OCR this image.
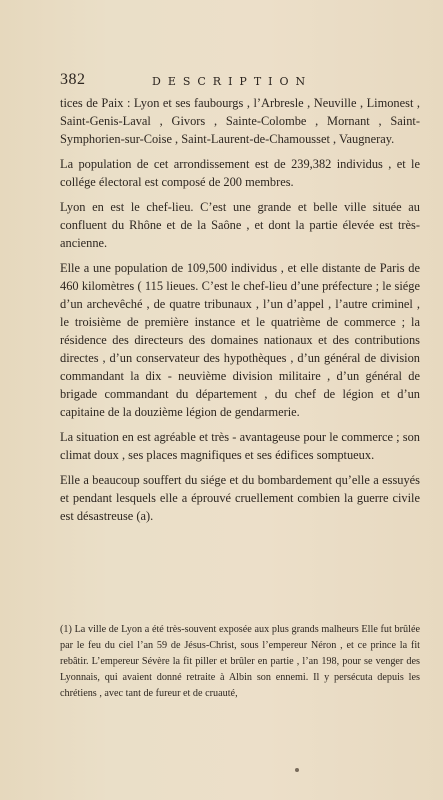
382	DESCRIPTION

tices de Paix : Lyon et ses faubourgs , l’Arbresle , Neuville , Limonest , Saint-Genis-Laval , Givors , Sainte-Colombe , Mornant , Saint-Symphorien-sur-Coise , Saint-Laurent-de-Chamousset , Vaugneray.

La population de cet arrondissement est de 239,382 individus , et le collége électoral est composé de 200 membres.

Lyon en est le chef-lieu. C’est une grande et belle ville située au confluent du Rhône et de la Saône , et dont la partie élevée est très-ancienne.

Elle a une population de 109,500 individus , et elle distante de Paris de 460 kilomètres ( 115 lieues. C’est le chef-lieu d’une préfecture ; le siége d’un archevêché , de quatre tribunaux , l’un d’appel , l’autre criminel , le troisième de première instance et le quatrième de commerce ; la résidence des directeurs des domaines nationaux et des contributions directes , d’un conservateur des hypothèques , d’un général de division commandant la dix - neuvième division militaire , d’un général de brigade commandant du département , du chef de légion et d’un capitaine de la douzième légion de gendarmerie.

La situation en est agréable et très - avantageuse pour le commerce ; son climat doux , ses places magnifiques et ses édifices somptueux.

Elle a beaucoup souffert du siége et du bombardement qu’elle a essuyés et pendant lesquels elle a éprouvé cruellement combien la guerre civile est désastreuse (a).

(1) La ville de Lyon a été très-souvent exposée aux plus grands malheurs Elle fut brûlée par le feu du ciel l’an 59 de Jésus-Christ, sous l’empereur Néron , et ce prince la fit rebâtir. L’empereur Sévère la fit piller et brûler en partie , l’an 198, pour se venger des Lyonnais, qui avaient donné retraite à Albin son ennemi. Il y persécuta depuis les chrétiens , avec tant de fureur et de cruauté,
